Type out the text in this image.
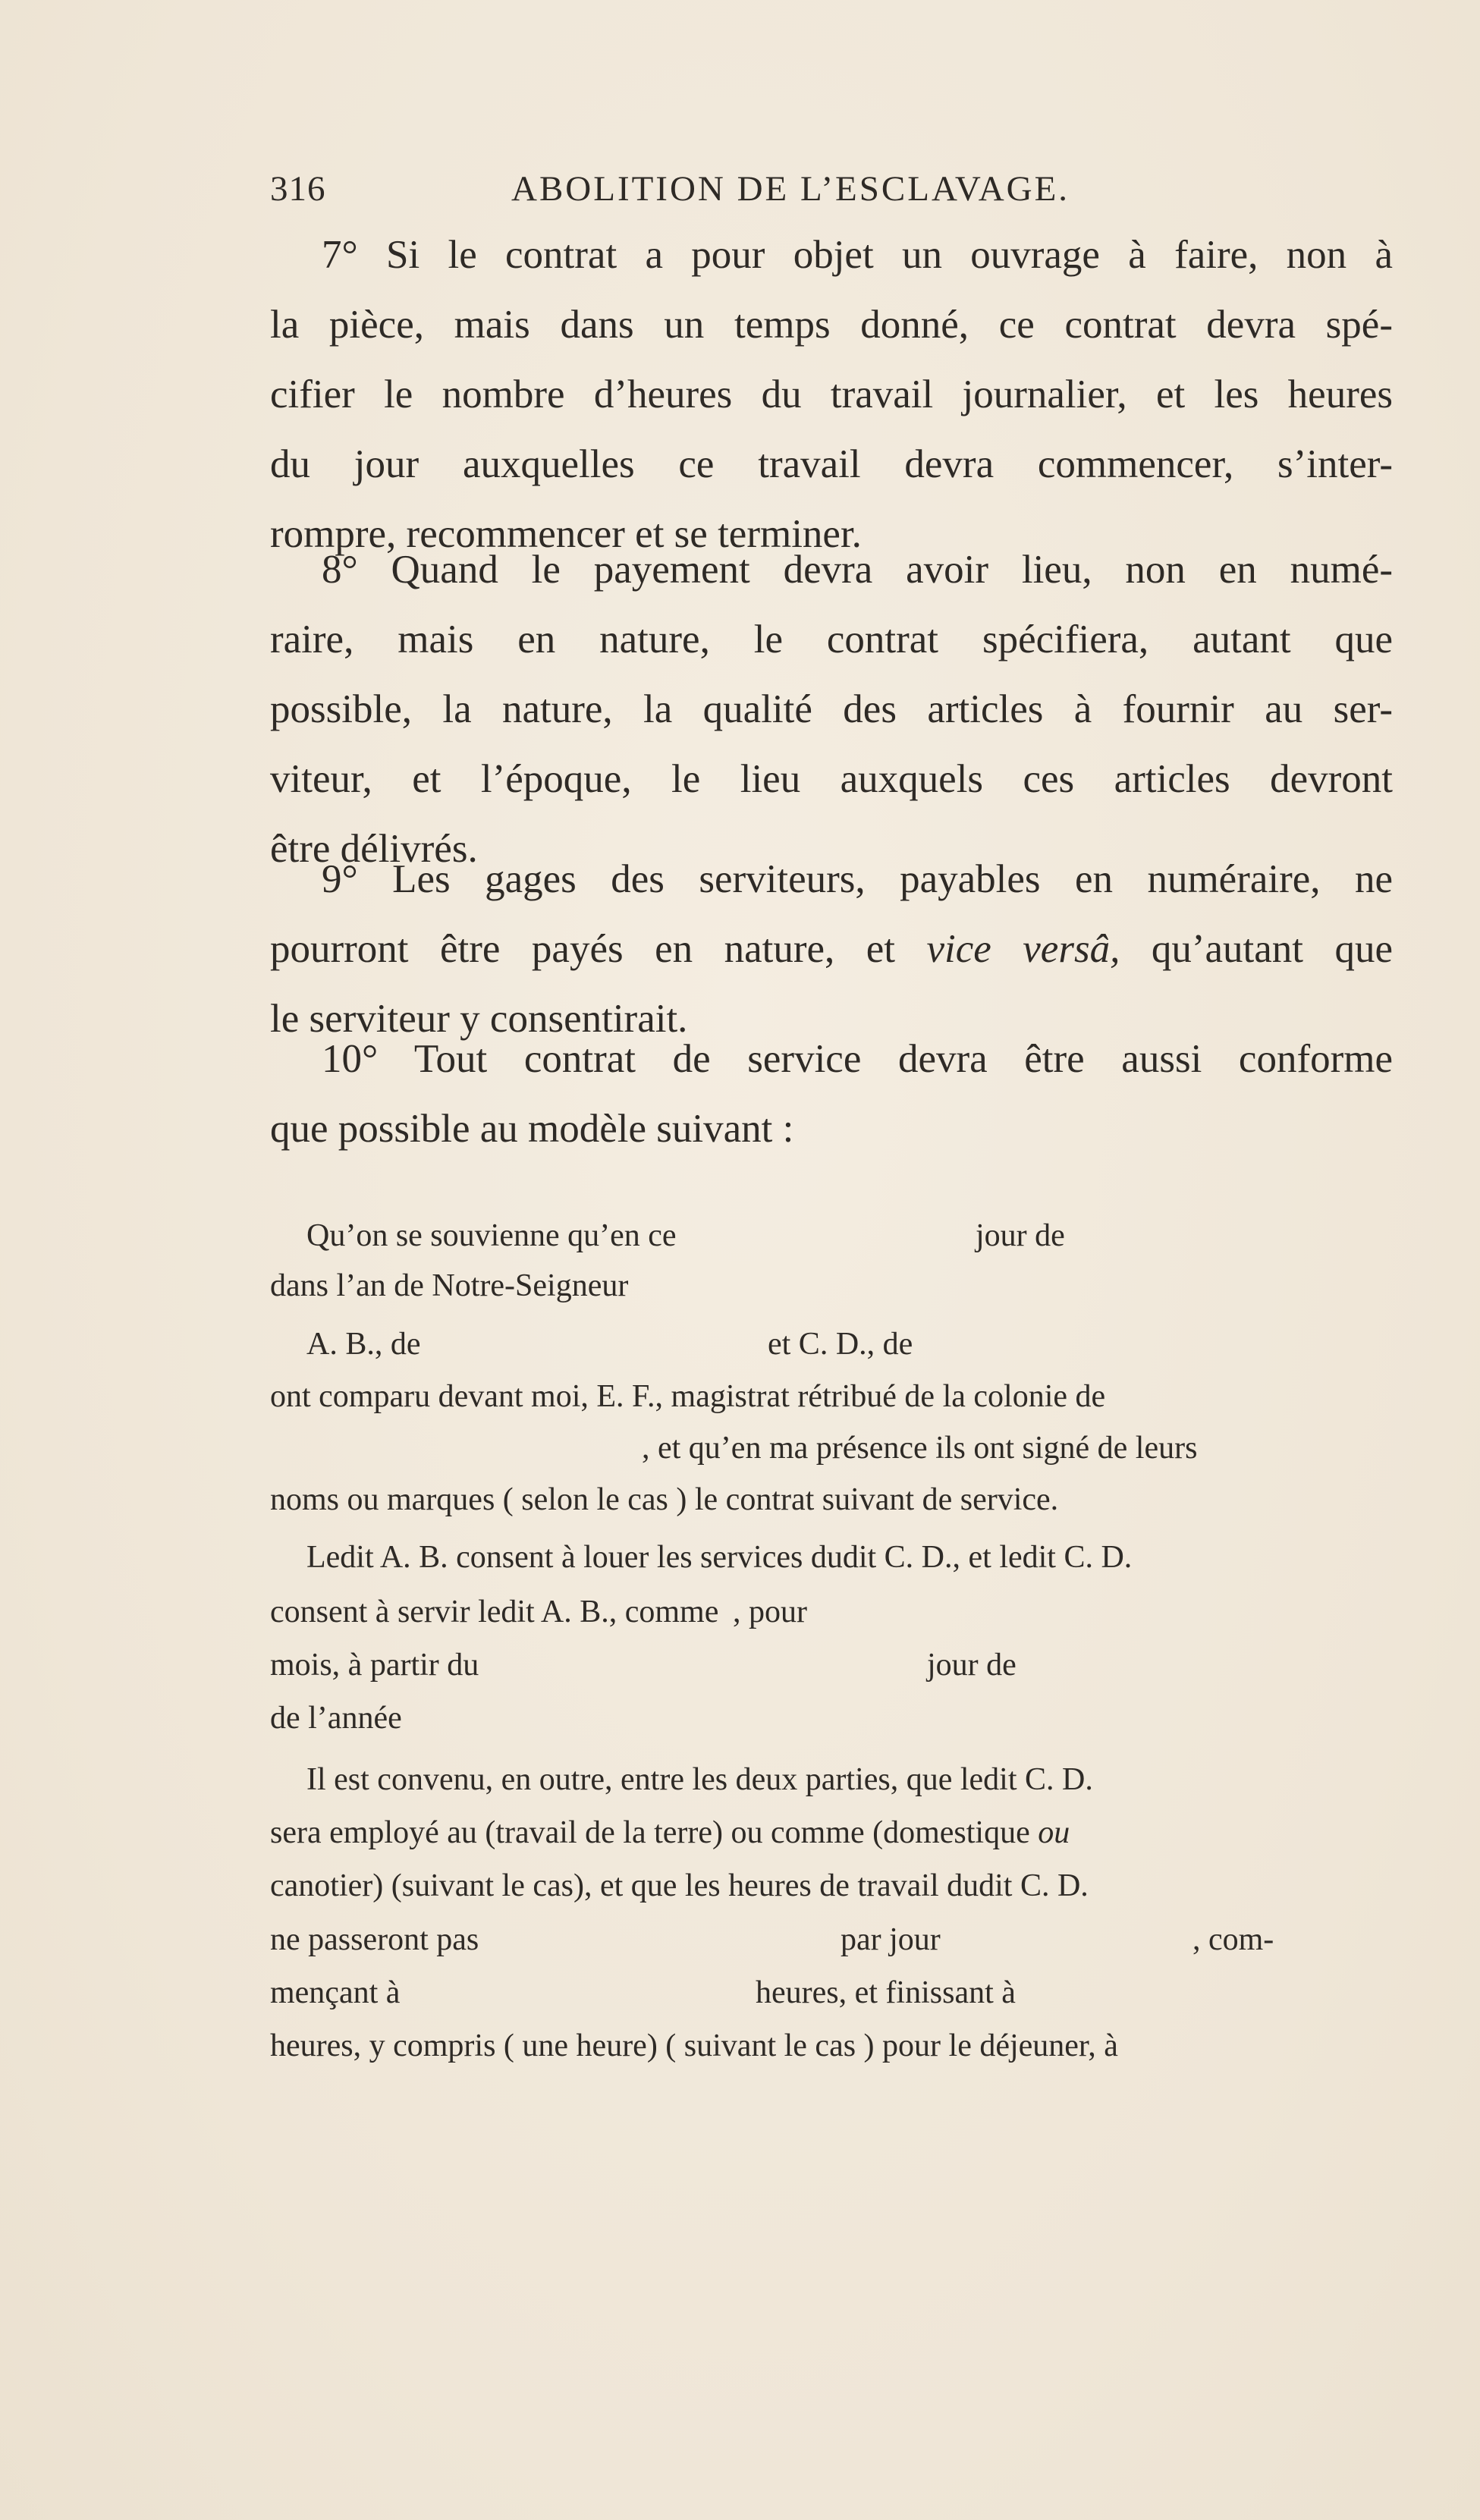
316	ABOLITION DE L’ESCLAVAGE.
7° Si le contrat a pour objet un ouvrage à faire, non à
la pièce, mais dans un temps donné, ce contrat devra spé-
cifier le nombre d’heures du travail journalier, et les heures
du jour auxquelles ce travail devra commencer, s’inter-
rompre, recommencer et se terminer.
8° Quand le payement devra avoir lieu, non en numé-
raire, mais en nature, le contrat spécifiera, autant que
possible, la nature, la qualité des articles à fournir au ser-
viteur, et l’époque, le lieu auxquels ces articles devront
être délivrés.
9° Les gages des serviteurs, payables en numéraire, ne
pourront être payés en nature, et vice versâ, qu’autant que
le serviteur y consentirait.
10° Tout contrat de service devra être aussi conforme
que possible au modèle suivant :
Qu’on se souvienne qu’en ce	jour de
dans l’an de Notre-Seigneur
A. B., de	et C. D., de
ont comparu devant moi, E. F., magistrat rétribué de la colonie de
, et qu’en ma présence ils ont signé de leurs
noms ou marques ( selon le cas ) le contrat suivant de service.
Ledit A. B. consent à louer les services dudit C. D., et ledit C. D.
consent à servir ledit A. B., comme , pour
mois, à partir du	jour de
de l’année
Il est convenu, en outre, entre les deux parties, que ledit C. D.
sera employé au (travail de la terre) ou comme (domestique ou
canotier) (suivant le cas), et que les heures de travail dudit C. D.
ne passeront pas	par jour	, com-
mençant à	heures, et finissant à
heures, y compris ( une heure) ( suivant le cas ) pour le déjeuner, à
